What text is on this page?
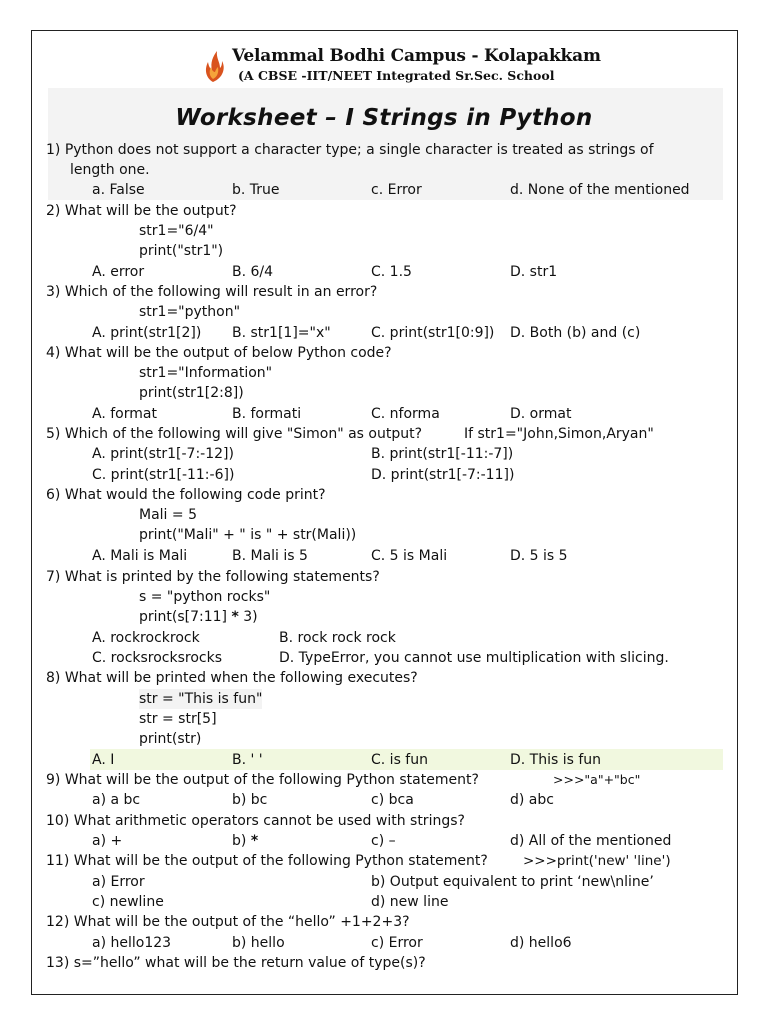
Velammal Bodhi Campus - Kolapakkam
(A CBSE -IIT/NEET Integrated Sr.Sec. School
Worksheet – I Strings in Python
1) Python does not support a character type; a single character is treated as strings of
length one.
a. False	b. True	c. Error	d. None of the mentioned
2) What will be the output?
str1="6/4"
print("str1")
A. error	B. 6/4	C. 1.5	D. str1
3) Which of the following will result in an error?
str1="python"
A. print(str1[2]) B. str1[1]="x"	C. print(str1[0:9]) D. Both (b) and (c)
4) What will be the output of below Python code?
str1="Information"
print(str1[2:8])
A. format	B. formati	C. nforma	D. ormat
5) Which of the following will give "Simon" as output?	If str1="John,Simon,Aryan"
A. print(str1[-7:-12])	B. print(str1[-11:-7])
C. print(str1[-11:-6])	D. print(str1[-7:-11])
6) What would the following code print?
Mali = 5
print("Mali" + " is " + str(Mali))
A. Mali is Mali	B. Mali is 5	C. 5 is Mali	D. 5 is 5
7) What is printed by the following statements?
s = "python rocks"
print(s[7:11] * 3)
A. rockrockrock	B. rock rock rock
C. rocksrocksrocks	D. TypeError, you cannot use multiplication with slicing.
8) What will be printed when the following executes?
str = "This is fun"
str = str[5]
print(str)
A. I	B. ' '	C. is fun	D. This is fun
9) What will be the output of the following Python statement?	>>>"a"+"bc"
a) a bc	b) bc	c) bca	d) abc
10) What arithmetic operators cannot be used with strings?
a) +	b) *	c) –	d) All of the mentioned
11) What will be the output of the following Python statement?	>>>print('new' 'line')
a) Error	b) Output equivalent to print ‘new\nline’
c) newline	d) new line
12) What will be the output of the “hello” +1+2+3?
a) hello123	b) hello	c) Error	d) hello6
13) s=”hello” what will be the return value of type(s)?
